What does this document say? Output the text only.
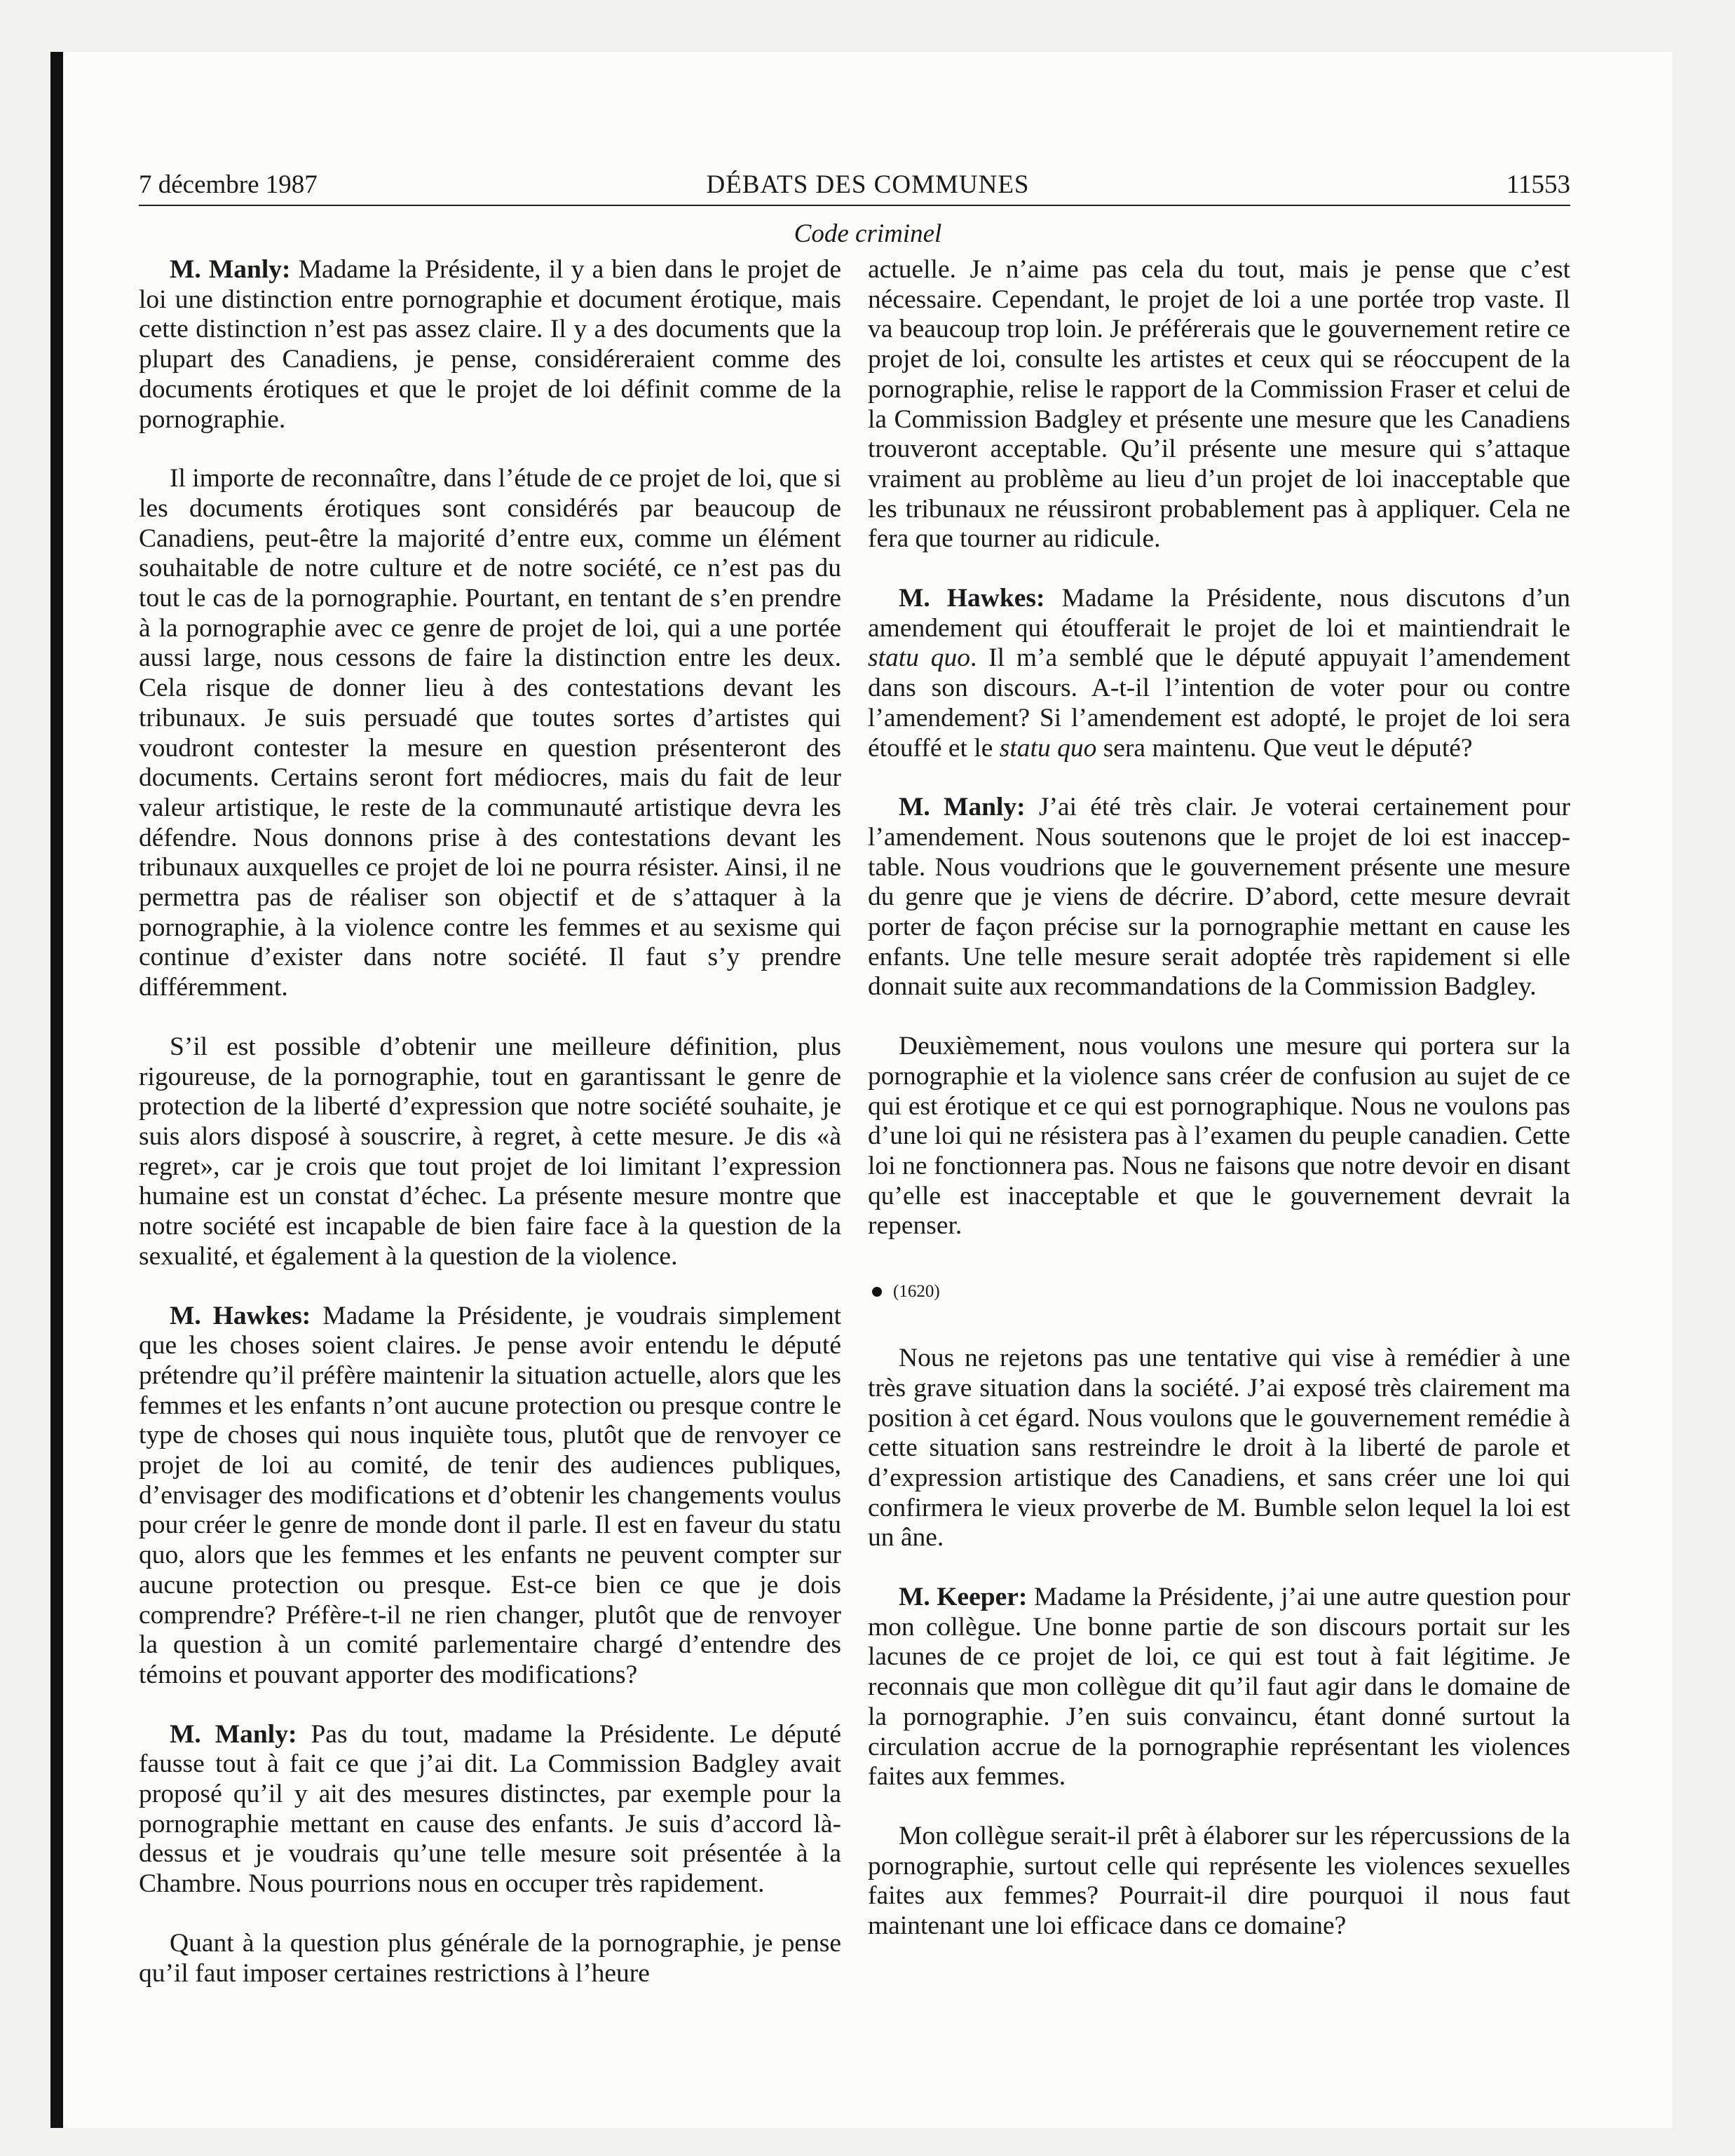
DÉBATS DES COMMUNES
7 décembre 1987	11553
Code criminel

M. Manly: Madame la Présidente, il y a bien dans le projet de loi une distinction entre pornographie et document érotique, mais cette distinction n’est pas assez claire. Il y a des documents que la plupart des Canadiens, je pense, considéreraient comme des documents érotiques et que le projet de loi définit comme de la pornographie.

Il importe de reconnaître, dans l’étude de ce projet de loi, que si les documents érotiques sont considérés par beaucoup de Canadiens, peut-être la majorité d’entre eux, comme un élément souhaitable de notre culture et de notre société, ce n’est pas du tout le cas de la pornographie. Pourtant, en tentant de s’en prendre à la pornographie avec ce genre de projet de loi, qui a une portée aussi large, nous cessons de faire la distinction entre les deux. Cela risque de donner lieu à des contestations devant les tribunaux. Je suis persuadé que toutes sortes d’artistes qui voudront contester la mesure en question présenteront des documents. Certains seront fort médiocres, mais du fait de leur valeur artistique, le reste de la communauté artistique devra les défendre. Nous donnons prise à des contestations devant les tribunaux auxquelles ce projet de loi ne pourra résister. Ainsi, il ne permettra pas de réaliser son objectif et de s’attaquer à la pornographie, à la violence contre les femmes et au sexisme qui continue d’exister dans notre société. Il faut s’y prendre différemment.

S’il est possible d’obtenir une meilleure définition, plus rigoureuse, de la pornographie, tout en garantissant le genre de protection de la liberté d’expression que notre société souhaite, je suis alors disposé à souscrire, à regret, à cette mesure. Je dis «à regret», car je crois que tout projet de loi limitant l’expression humaine est un constat d’échec. La présente mesure montre que notre société est incapable de bien faire face à la question de la sexualité, et également à la question de la violence.

M. Hawkes: Madame la Présidente, je voudrais simplement que les choses soient claires. Je pense avoir entendu le député prétendre qu’il préfère maintenir la situation actuelle, alors que les femmes et les enfants n’ont aucune protection ou presque contre le type de choses qui nous inquiète tous, plutôt que de renvoyer ce projet de loi au comité, de tenir des audiences publiques, d’envisager des modifications et d’obtenir les changements voulus pour créer le genre de monde dont il parle. Il est en faveur du statu quo, alors que les femmes et les enfants ne peuvent compter sur aucune protection ou presque. Est-ce bien ce que je dois comprendre? Préfère-t-il ne rien changer, plutôt que de renvoyer la question à un comité parlementaire chargé d’entendre des témoins et pouvant apporter des modifications?

M. Manly: Pas du tout, madame la Présidente. Le député fausse tout à fait ce que j’ai dit. La Commission Badgley avait proposé qu’il y ait des mesures distinctes, par exemple pour la pornographie mettant en cause des enfants. Je suis d’accord làdessus et je voudrais qu’une telle mesure soit présentée à la Chambre. Nous pourrions nous en occuper très rapidement.

Quant à la question plus générale de la pornographie, je pense qu’il faut imposer certaines restrictions à l’heure

actuelle. Je n’aime pas cela du tout, mais je pense que c’est nécessaire. Cependant, le projet de loi a une portée trop vaste. Il va beaucoup trop loin. Je préférerais que le gouvernement retire ce projet de loi, consulte les artistes et ceux qui se réoccupent de la pornographie, relise le rapport de la Commission Fraser et celui de la Commission Badgley et présente une mesure que les Canadiens trouveront acceptable. Qu’il présente une mesure qui s’attaque vraiment au problème au lieu d’un projet de loi inacceptable que les tribunaux ne réussiront probablement pas à appliquer. Cela ne fera que tourner au ridicule.

M. Hawkes: Madame la Présidente, nous discutons d’un amendement qui étoufferait le projet de loi et maintiendrait le statu quo. Il m’a semblé que le député appuyait l’amendement dans son discours. A-t-il l’intention de voter pour ou contre l’amendement? Si l’amendement est adopté, le projet de loi sera étouffé et le statu quo sera maintenu. Que veut le député?

M. Manly: J’ai été très clair. Je voterai certainement pour l’amendement. Nous soutenons que le projet de loi est inacceptable. Nous voudrions que le gouvernement présente une mesure du genre que je viens de décrire. D’abord, cette mesure devrait porter de façon précise sur la pornographie mettant en cause les enfants. Une telle mesure serait adoptée très rapidement si elle donnait suite aux recommandations de la Commission Badgley.

Deuxièmement, nous voulons une mesure qui portera sur la pornographie et la violence sans créer de confusion au sujet de ce qui est érotique et ce qui est pornographique. Nous ne voulons pas d’une loi qui ne résistera pas à l’examen du peuple canadien. Cette loi ne fonctionnera pas. Nous ne faisons que notre devoir en disant qu’elle est inacceptable et que le gouvernement devrait la repenser.

(1620)

Nous ne rejetons pas une tentative qui vise à remédier à une très grave situation dans la société. J’ai exposé très clairement ma position à cet égard. Nous voulons que le gouvernement remédie à cette situation sans restreindre le droit à la liberté de parole et d’expression artistique des Canadiens, et sans créer une loi qui confirmera le vieux proverbe de M. Bumble selon lequel la loi est un âne.

M. Keeper: Madame la Présidente, j’ai une autre question pour mon collègue. Une bonne partie de son discours portait sur les lacunes de ce projet de loi, ce qui est tout à fait légitime. Je reconnais que mon collègue dit qu’il faut agir dans le domaine de la pornographie. J’en suis convaincu, étant donné surtout la circulation accrue de la pornographie représentant les violences faites aux femmes.

Mon collègue serait-il prêt à élaborer sur les répercussions de la pornographie, surtout celle qui représente les violences sexuelles faites aux femmes? Pourrait-il dire pourquoi il nous faut maintenant une loi efficace dans ce domaine?
